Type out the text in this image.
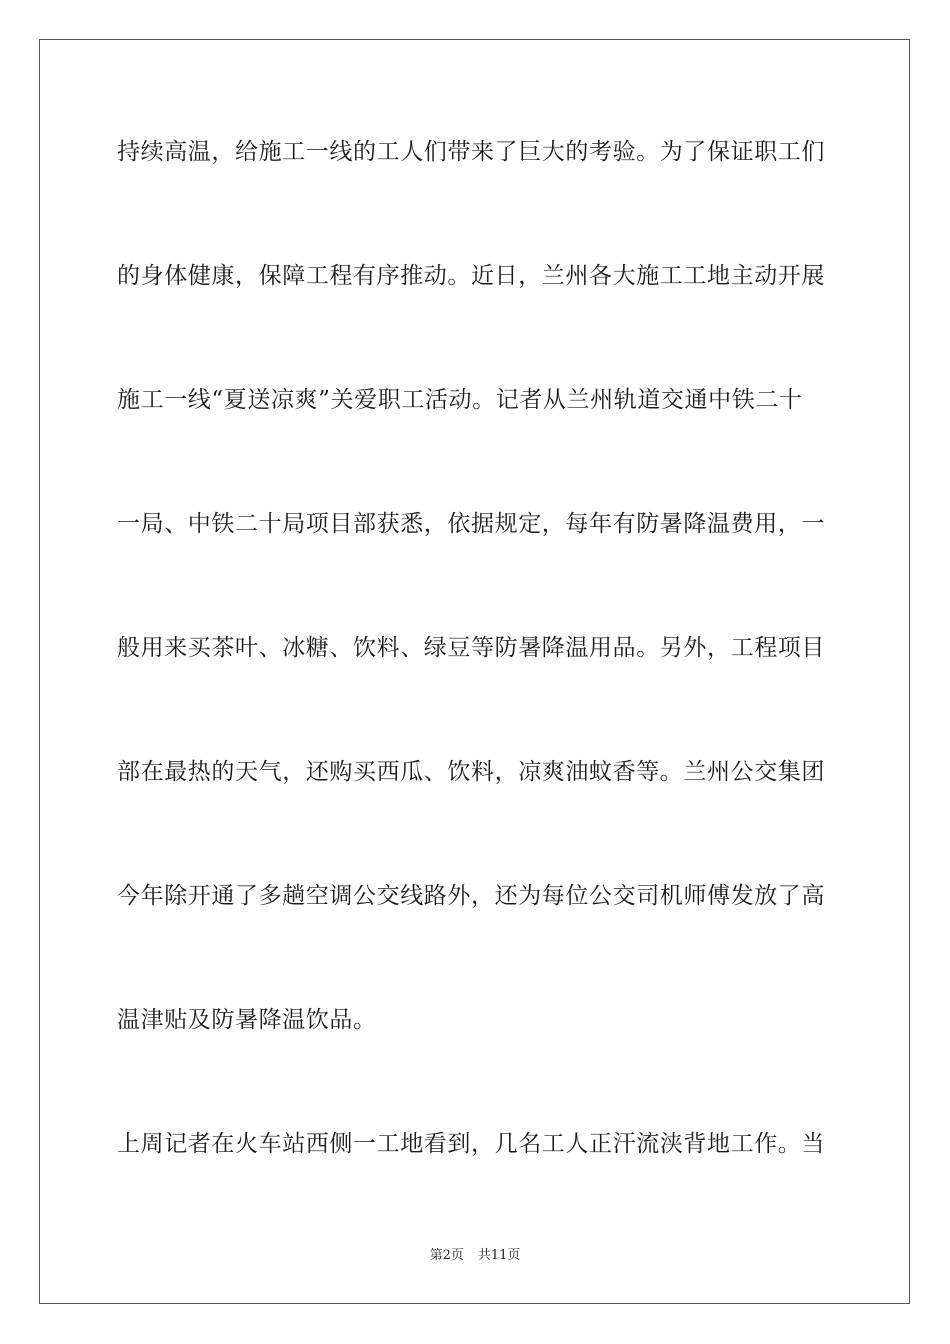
持续高温，给施工一线的工人们带来了巨大的考验。为了保证职工们
的身体健康，保障工程有序推动。近日，兰州各大施工工地主动开展
施工一线“夏送凉爽”关爱职工活动。记者从兰州轨道交通中铁二十
一局、中铁二十局项目部获悉，依据规定，每年有防暑降温费用，一
般用来买茶叶、冰糖、饮料、绿豆等防暑降温用品。另外，工程项目
部在最热的天气，还购买西瓜、饮料，凉爽油蚊香等。兰州公交集团
今年除开通了多趟空调公交线路外，还为每位公交司机师傅发放了高
温津贴及防暑降温饮品。
上周记者在火车站西侧一工地看到，几名工人正汗流浃背地工作。当
第2页 共11页
